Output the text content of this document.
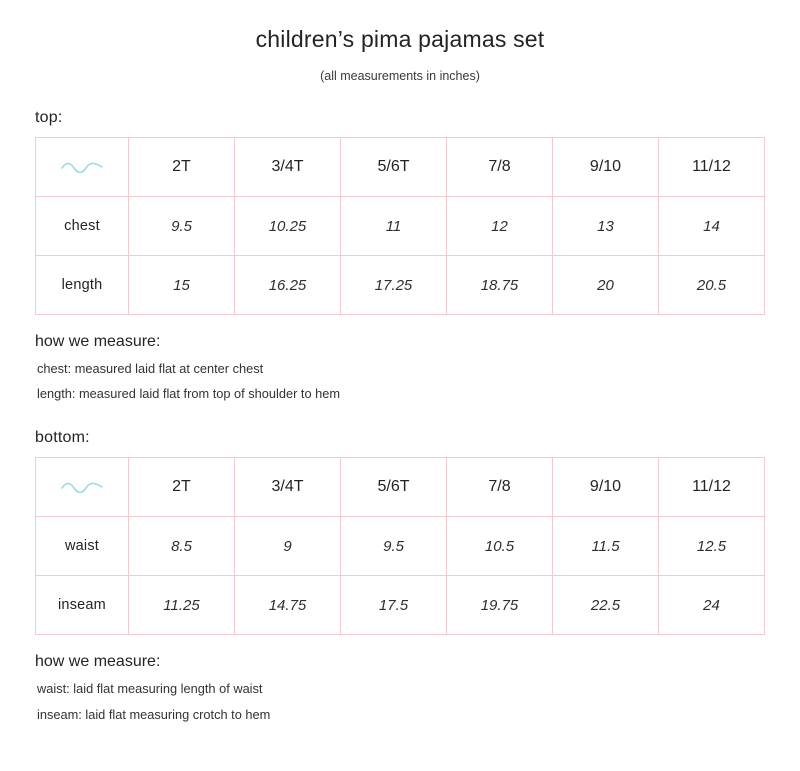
children’s pima pajamas set

(all measurements in inches)

top:
	2T	3/4T	5/6T	7/8	9/10	11/12
chest	9.5	10.25	11	12	13	14
length	15	16.25	17.25	18.75	20	20.5
how we measure:

chest: measured laid flat at center chest

length: measured laid flat from top of shoulder to hem

bottom:
	2T	3/4T	5/6T	7/8	9/10	11/12
waist	8.5	9	9.5	10.5	11.5	12.5
inseam	11.25	14.75	17.5	19.75	22.5	24
how we measure:

waist: laid flat measuring length of waist

inseam: laid flat measuring crotch to hem
